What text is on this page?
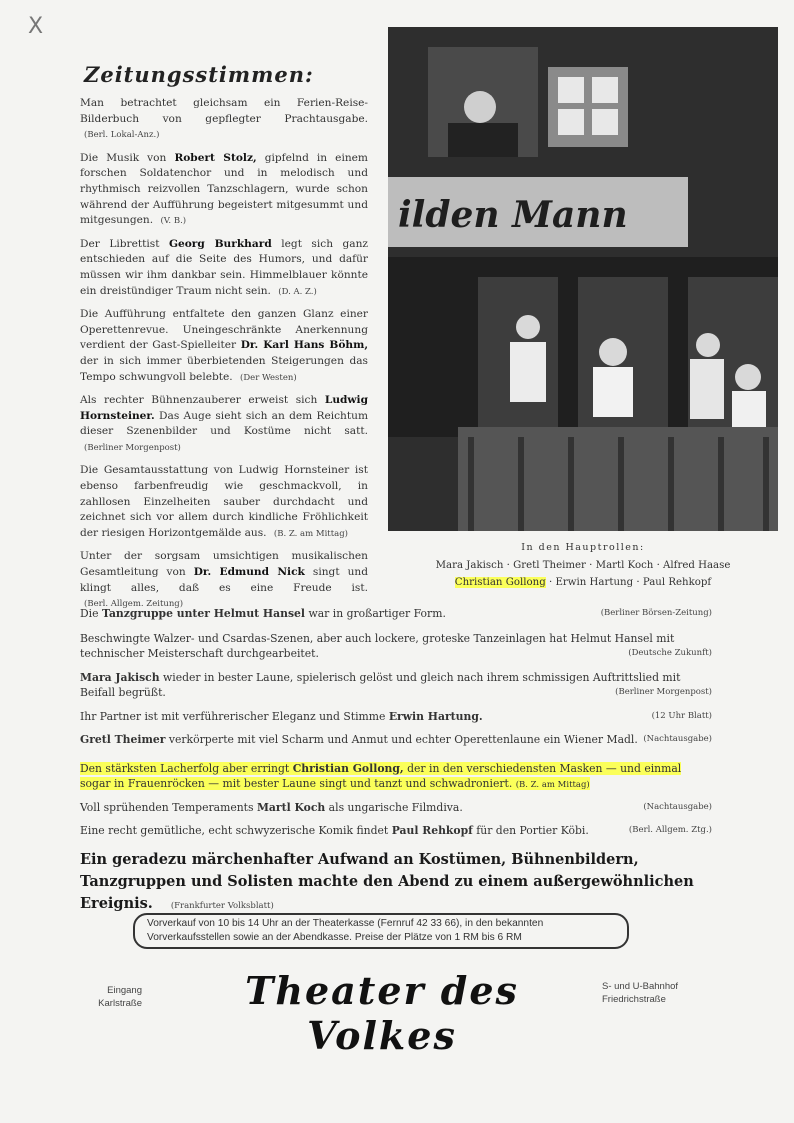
X
Zeitungsstimmen:

Man betrachtet gleichsam ein Ferien-Reise-Bilderbuch von gepflegter Prachtausgabe. (Berl. Lokal-Anz.)

Die Musik von Robert Stolz, gipfelnd in einem forschen Soldatenchor und in melodisch und rhythmisch reizvollen Tanzschlagern, wurde schon während der Aufführung begeistert mitgesummt und mitgesungen. (V. B.)

Der Librettist Georg Burkhard legt sich ganz entschieden auf die Seite des Humors, und dafür müssen wir ihm dankbar sein. Himmelblauer könnte ein dreistündiger Traum nicht sein. (D. A. Z.)

Die Aufführung entfaltete den ganzen Glanz einer Operettenrevue. Uneingeschränkte Anerkennung verdient der Gast-Spielleiter Dr. Karl Hans Böhm, der in sich immer überbietenden Steigerungen das Tempo schwungvoll belebte. (Der Westen)

Als rechter Bühnenzauberer erweist sich Ludwig Hornsteiner. Das Auge sieht sich an dem Reichtum dieser Szenenbilder und Kostüme nicht satt. (Berliner Morgenpost)

Die Gesamtausstattung von Ludwig Hornsteiner ist ebenso farbenfreudig wie geschmackvoll, in zahllosen Einzelheiten sauber durchdacht und zeichnet sich vor allem durch kindliche Fröhlichkeit der riesigen Horizontgemälde aus. (B. Z. am Mittag)

Unter der sorgsam umsichtigen musikalischen Gesamtleitung von Dr. Edmund Nick singt und klingt alles, daß es eine Freude ist. (Berl. Allgem. Zeitung)

ilden Mann
In den Hauptrollen:
Mara Jakisch · Gretl Theimer · Martl Koch · Alfred Haase
Christian Gollong · Erwin Hartung · Paul Rehkopf
(Berliner Börsen-Zeitung)
Die Tanzgruppe unter Helmut Hansel war in großartiger Form.
Beschwingte Walzer- und Csardas-Szenen, aber auch lockere, groteske Tanzeinlagen hat Helmut Hansel mit technischer Meisterschaft durchgearbeitet.	(Deutsche Zukunft)
Mara Jakisch wieder in bester Laune, spielerisch gelöst und gleich nach ihrem schmissigen Auftrittslied mit Beifall begrüßt.	(Berliner Morgenpost)
(12 Uhr Blatt)
Ihr Partner ist mit verführerischer Eleganz und Stimme Erwin Hartung.
Gretl Theimer verkörperte mit viel Scharm und Anmut und echter Operettenlaune ein Wiener Madl. (Nachtausgabe)
Den stärksten Lacherfolg aber erringt Christian Gollong, der in den verschiedensten Masken — und einmal sogar in Frauenröcken — mit bester Laune singt und tanzt und schwadroniert. (B. Z. am Mittag)
(Nachtausgabe)
Voll sprühenden Temperaments Martl Koch als ungarische Filmdiva.
(Berl. Allgem. Ztg.)
Eine recht gemütliche, echt schwyzerische Komik findet Paul Rehkopf für den Portier Köbi.
Ein geradezu märchenhafter Aufwand an Kostümen, Bühnenbildern, Tanzgruppen und Solisten machte den Abend zu einem außergewöhnlichen Ereignis. (Frankfurter Volksblatt)
Vorverkauf von 10 bis 14 Uhr an der Theaterkasse (Fernruf 42 33 66), in den bekannten
Vorverkaufsstellen sowie an der Abendkasse. Preise der Plätze von 1 RM bis 6 RM
Eingang
Karlstraße	Theater des Volkes
S- und U-Bahnhof
Friedrichstraße
